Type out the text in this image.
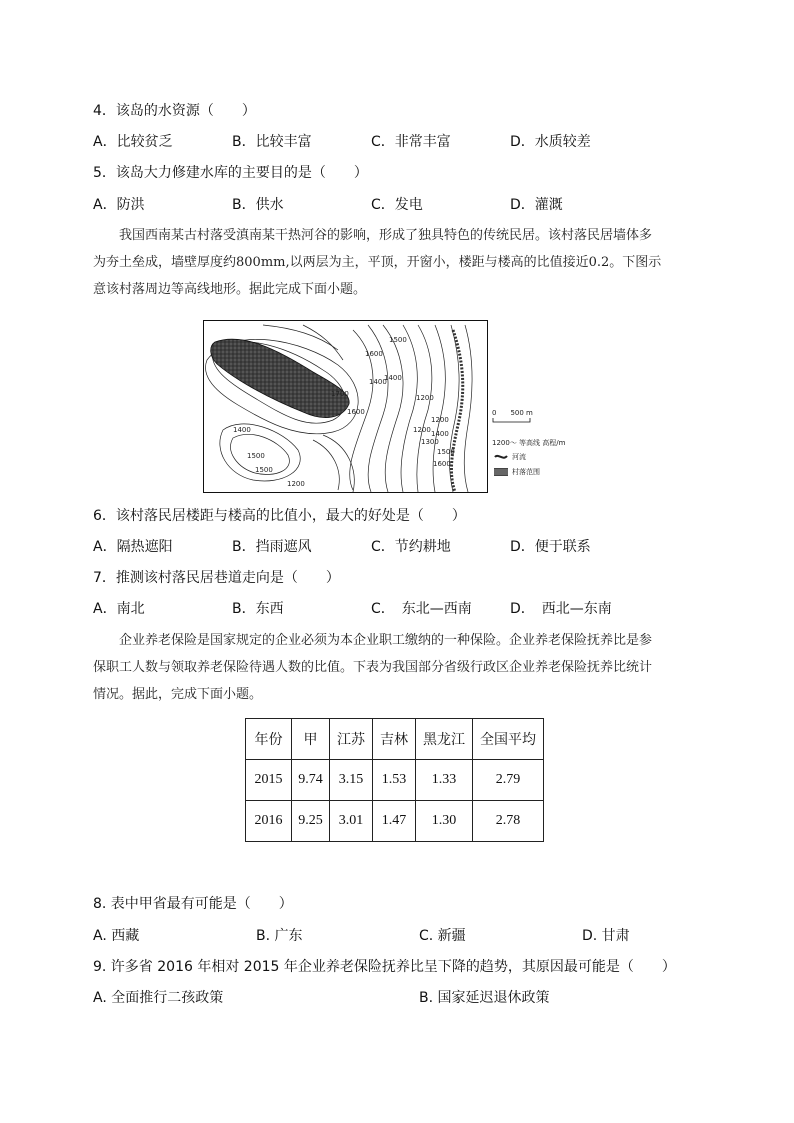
4．该岛的水资源（　　）
A．比较贫乏	B．比较丰富	C．非常丰富	D．水质较差
5．该岛大力修建水库的主要目的是（　　）
A．防洪	B．供水	C．发电	D．灌溉

我国西南某古村落受滇南某干热河谷的影响，形成了独具特色的传统民居。该村落民居墙体多

为夯土垒成，墙壁厚度约800mm,以两层为主，平顶，开窗小，楼距与楼高的比值接近0.2。下图示

意该村落周边等高线地形。据此完成下面小题。

1500
1600
1700
1600
1400
1200
1400
1500
1200
1200
1300
1400
1500
1600
1400
1500
1200
0　　500 m
1200～ 等高线 高程/m
河流
村落范围
6．该村落民居楼距与楼高的比值小，最大的好处是（　　）
A．隔热遮阳	B．挡雨遮风	C．节约耕地	D．便于联系
7．推测该村落民居巷道走向是（　　）
A．南北	B．东西	C．　东北—西南	D．　西北—东南

企业养老保险是国家规定的企业必须为本企业职工缴纳的一种保险。企业养老保险抚养比是参

保职工人数与领取养老保险待遇人数的比值。下表为我国部分省级行政区企业养老保险抚养比统计

情况。据此，完成下面小题。

年份	甲	江苏	吉林	黑龙江	全国平均
2015	9.74	3.15	1.53	1.33	2.79
2016	9.25	3.01	1.47	1.30	2.78
8. 表中甲省最有可能是（　　）
A. 西藏	B. 广东	C. 新疆	D. 甘肃
9. 许多省 2016 年相对 2015 年企业养老保险抚养比呈下降的趋势，其原因最可能是（　　）
A. 全面推行二孩政策	B. 国家延迟退休政策
